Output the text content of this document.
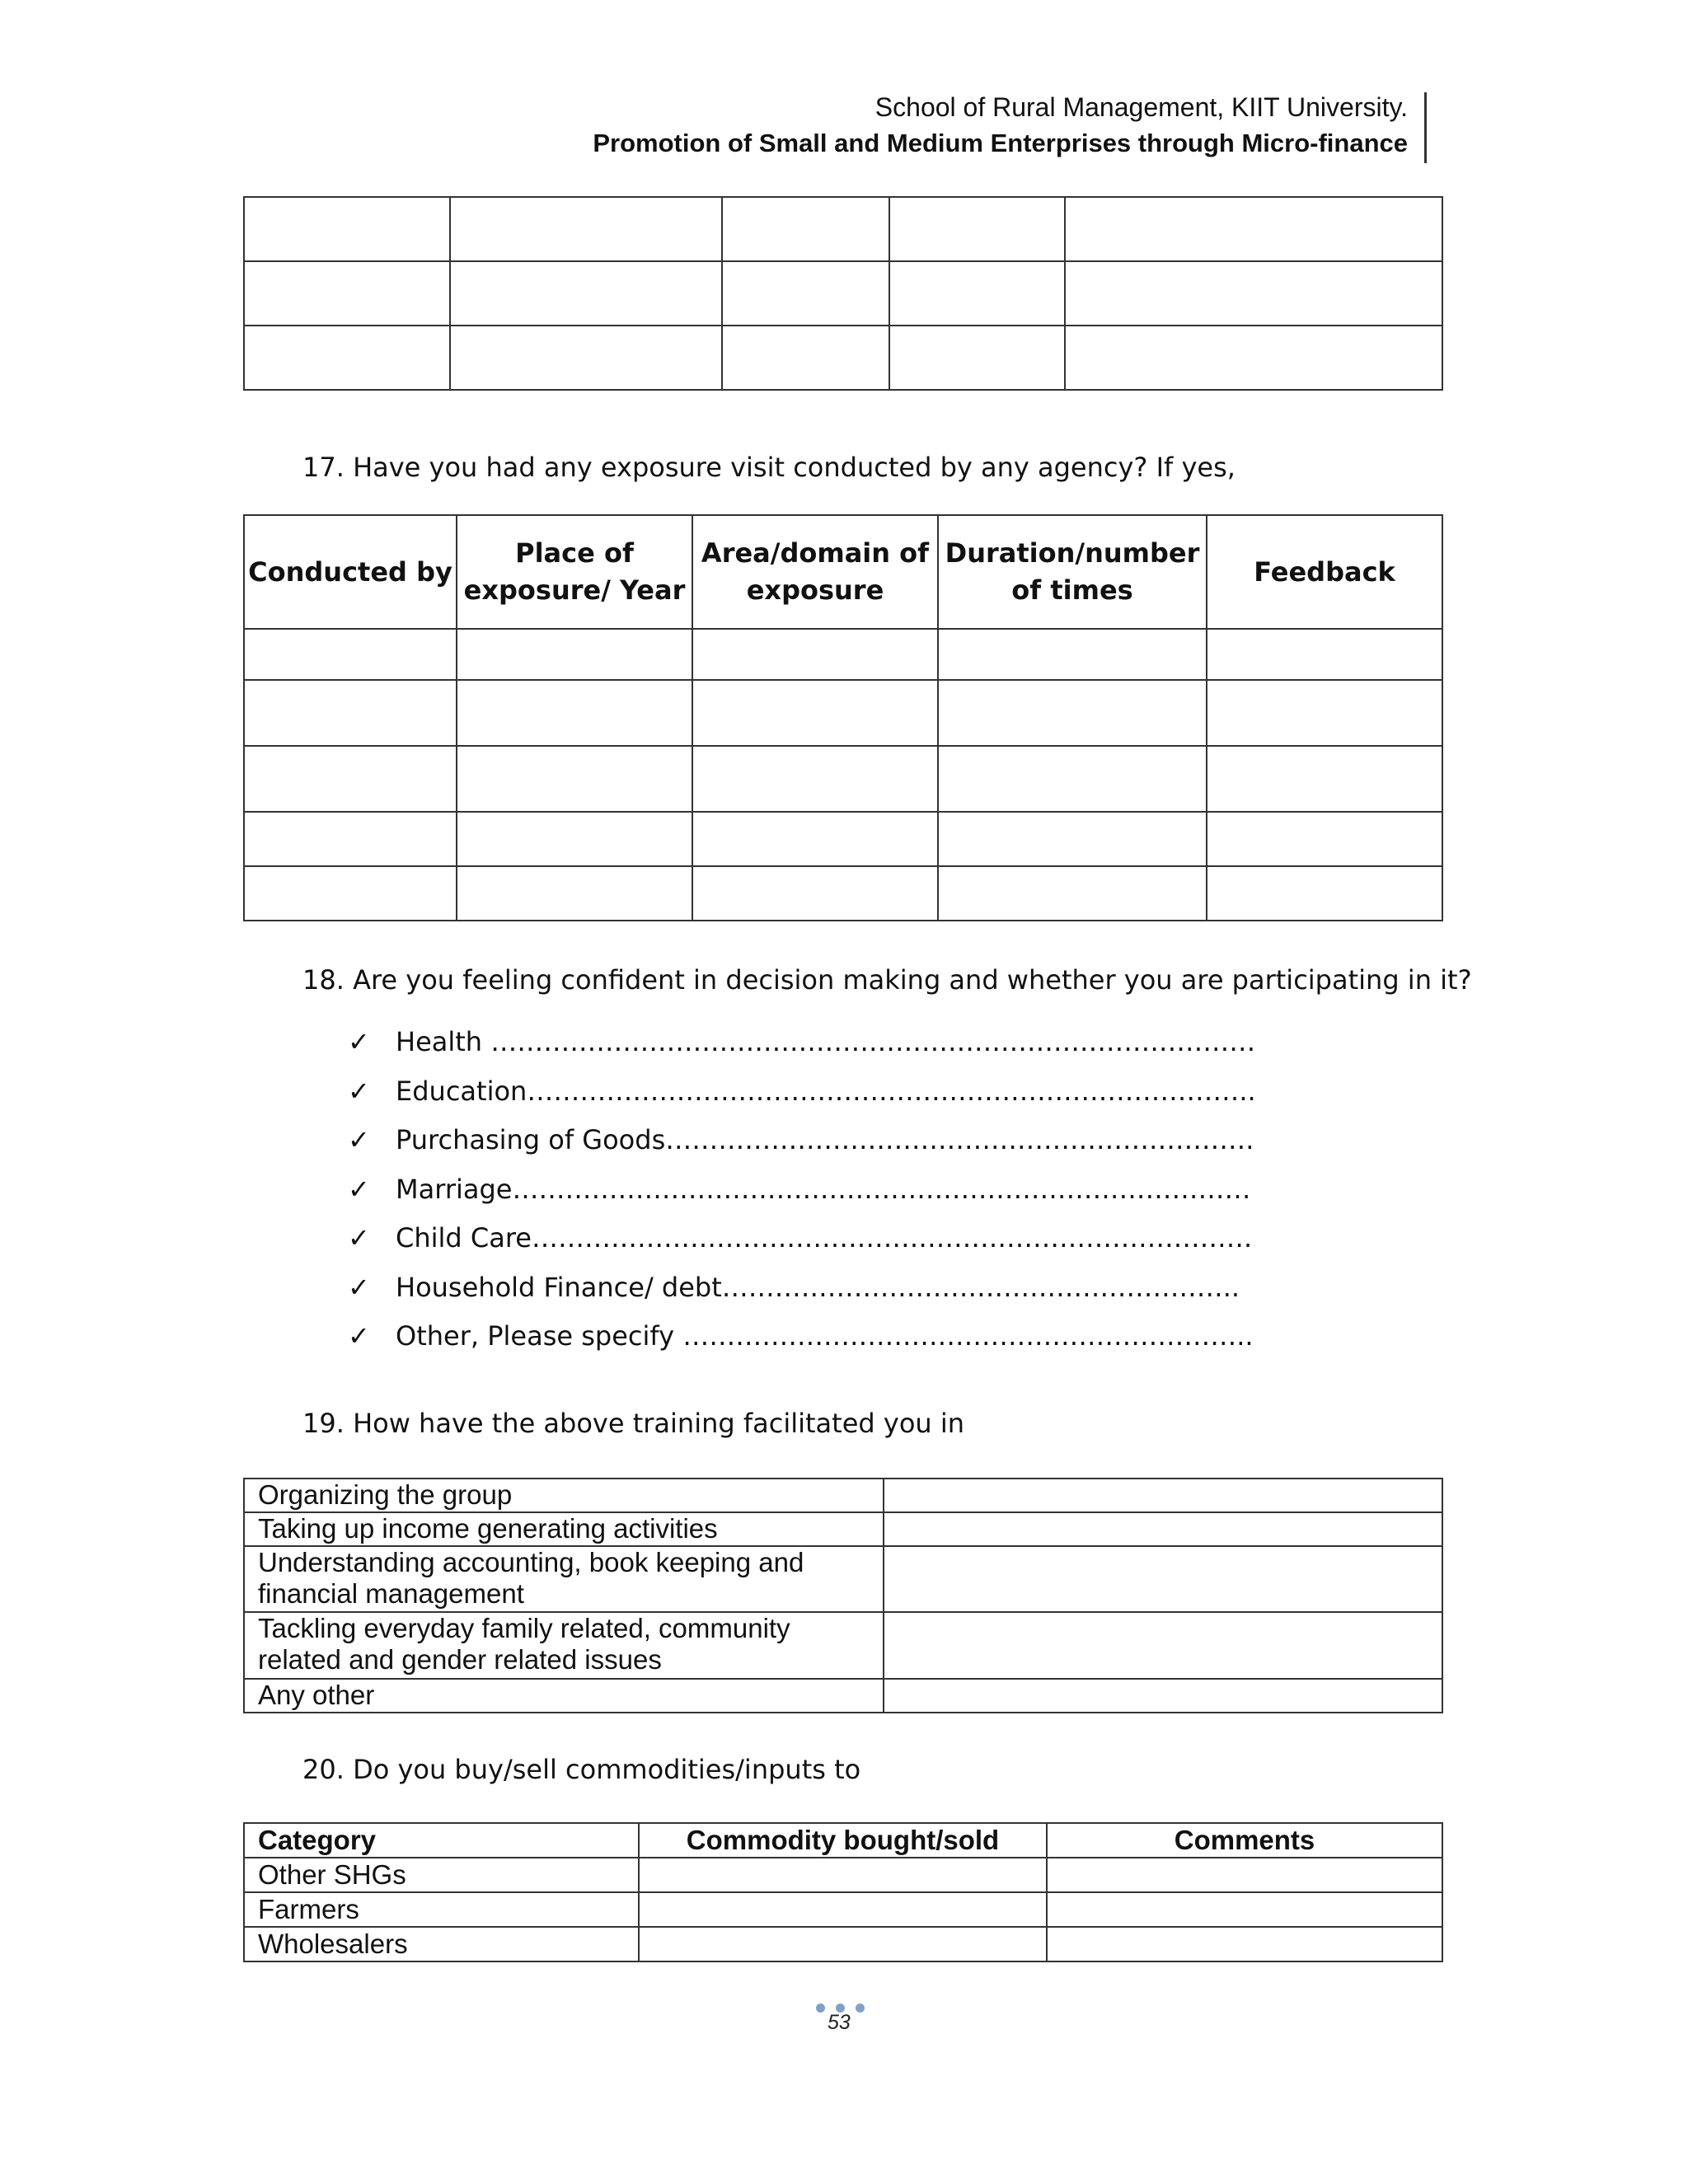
School of Rural Management, KIIT University.
Promotion of Small and Medium Enterprises through Micro-finance

17. Have you had any exposure visit conducted by any agency? If yes,
Conducted by	Place of exposure/ Year	Area/domain of exposure	Duration/number of times	Feedback

18. Are you feeling confident in decision making and whether you are participating in it?
✓ Health ……………………………………………………………………………
✓ Education………………………………………………………………………..
✓ Purchasing of Goods………………………………………………………….
✓ Marriage…………………………………………………………………………
✓ Child Care……………………………………………………………………….
✓ Household Finance/ debt…………………………………………………..
✓ Other, Please specify ………………………………………………………..
19. How have the above training facilitated you in
Organizing the group	
Taking up income generating activities	
Understanding accounting, book keeping and financial management	
Tackling everyday family related, community related and gender related issues	
Any other	
20. Do you buy/sell commodities/inputs to
Category	Commodity bought/sold	Comments
Other SHGs		
Farmers		
Wholesalers		
53
